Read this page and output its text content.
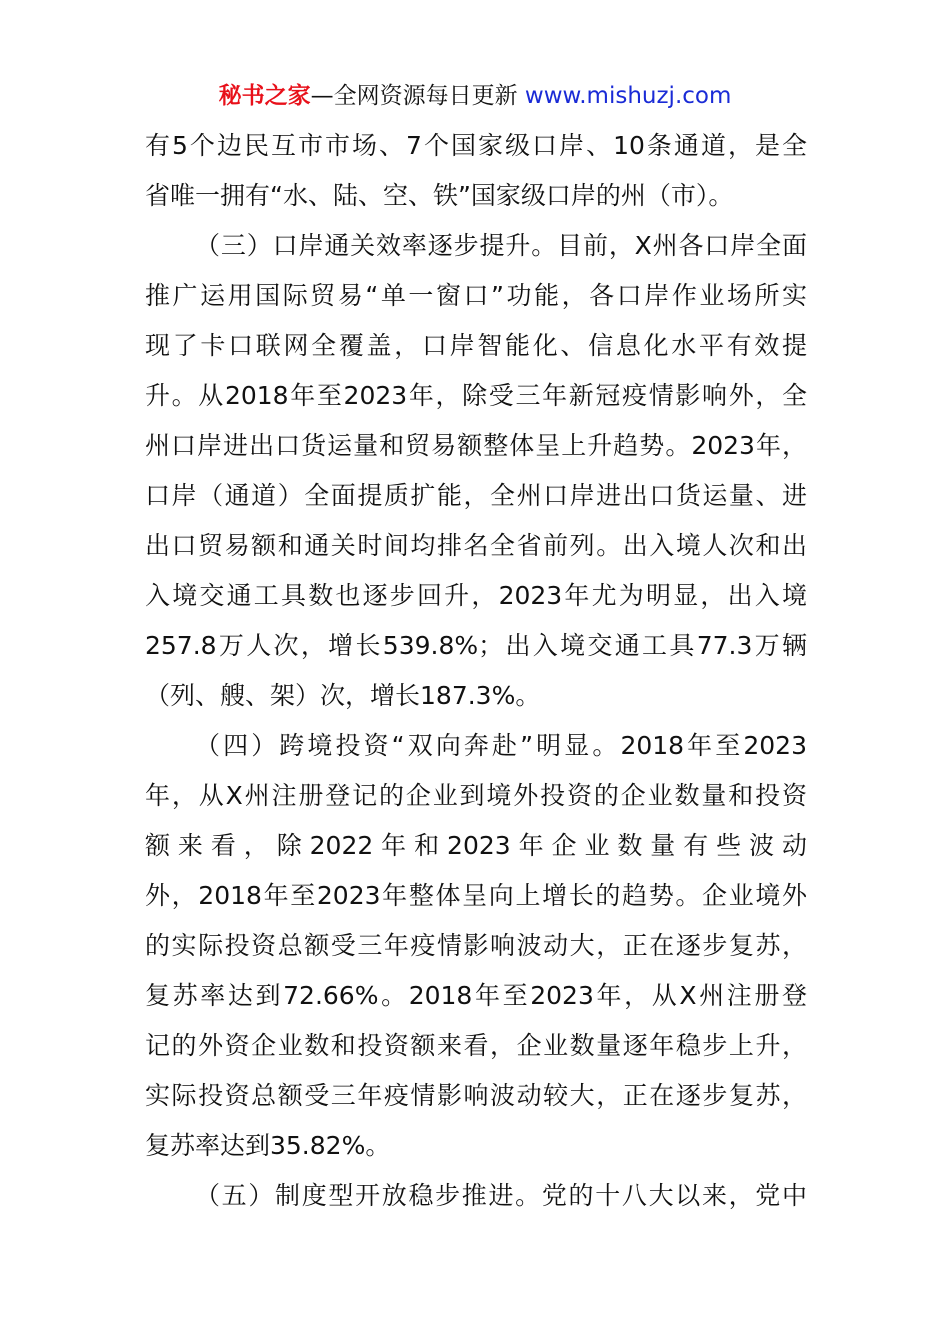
秘书之家—全网资源每日更新 www.mishuzj.com
有5个边民互市市场、7个国家级口岸、10条通道，是全
省唯一拥有“水、陆、空、铁”国家级口岸的州（市）。
（三）口岸通关效率逐步提升。目前，X州各口岸全面
推广运用国际贸易“单一窗口”功能，各口岸作业场所实
现了卡口联网全覆盖，口岸智能化、信息化水平有效提
升。从2018年至2023年，除受三年新冠疫情影响外，全
州口岸进出口货运量和贸易额整体呈上升趋势。2023年，
口岸（通道）全面提质扩能，全州口岸进出口货运量、进
出口贸易额和通关时间均排名全省前列。出入境人次和出
入境交通工具数也逐步回升，2023年尤为明显，出入境
257.8万人次，增长539.8%；出入境交通工具77.3万辆
（列、艘、架）次，增长187.3%。
（四）跨境投资“双向奔赴”明显。2018年至2023
年，从X州注册登记的企业到境外投资的企业数量和投资
额来看，除2022年和2023年企业数量有些波动
外，2018年至2023年整体呈向上增长的趋势。企业境外
的实际投资总额受三年疫情影响波动大，正在逐步复苏，
复苏率达到72.66%。2018年至2023年，从X州注册登
记的外资企业数和投资额来看，企业数量逐年稳步上升，
实际投资总额受三年疫情影响波动较大，正在逐步复苏，
复苏率达到35.82%。
（五）制度型开放稳步推进。党的十八大以来，党中
